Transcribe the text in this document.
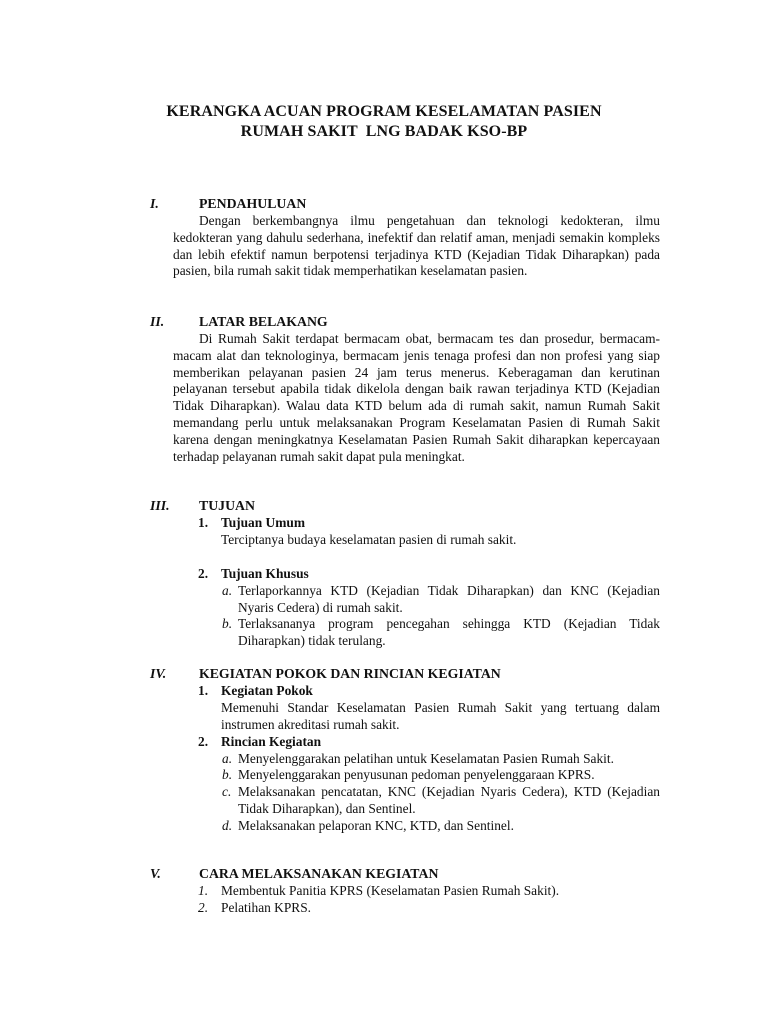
KERANGKA ACUAN PROGRAM KESELAMATAN PASIEN
RUMAH SAKIT  LNG BADAK KSO-BP
I.	PENDAHULUAN
Dengan berkembangnya ilmu pengetahuan dan teknologi kedokteran, ilmu kedokteran yang dahulu sederhana, inefektif dan relatif aman, menjadi semakin kompleks dan lebih efektif namun berpotensi terjadinya KTD (Kejadian Tidak Diharapkan) pada pasien, bila rumah sakit tidak memperhatikan keselamatan pasien.
II.	LATAR BELAKANG
Di Rumah Sakit terdapat bermacam obat, bermacam tes dan prosedur, bermacam-macam alat dan teknologinya, bermacam jenis tenaga profesi dan non profesi yang siap memberikan pelayanan pasien 24 jam terus menerus. Keberagaman dan kerutinan pelayanan tersebut apabila tidak dikelola dengan baik rawan terjadinya KTD (Kejadian Tidak Diharapkan). Walau data KTD belum ada di rumah sakit, namun Rumah Sakit memandang perlu untuk melaksanakan Program Keselamatan Pasien di Rumah Sakit karena dengan meningkatnya Keselamatan Pasien Rumah Sakit diharapkan kepercayaan terhadap pelayanan rumah sakit dapat pula meningkat.
III. TUJUAN
1. Tujuan Umum
Terciptanya budaya keselamatan pasien di rumah sakit.
2. Tujuan Khusus
a. Terlaporkannya KTD (Kejadian Tidak Diharapkan) dan KNC (Kejadian Nyaris Cedera) di rumah sakit.
b. Terlaksananya program pencegahan sehingga KTD (Kejadian Tidak Diharapkan) tidak terulang.
IV. KEGIATAN POKOK DAN RINCIAN KEGIATAN
1. Kegiatan Pokok
Memenuhi Standar Keselamatan Pasien Rumah Sakit yang tertuang dalam instrumen akreditasi rumah sakit.
2. Rincian Kegiatan
a. Menyelenggarakan pelatihan untuk Keselamatan Pasien Rumah Sakit.
b. Menyelenggarakan penyusunan pedoman penyelenggaraan KPRS.
c. Melaksanakan pencatatan, KNC (Kejadian Nyaris Cedera), KTD (Kejadian Tidak Diharapkan), dan Sentinel.
d. Melaksanakan pelaporan KNC, KTD, dan Sentinel.
V.	CARA MELAKSANAKAN KEGIATAN
1. Membentuk Panitia KPRS (Keselamatan Pasien Rumah Sakit).
2. Pelatihan KPRS.
